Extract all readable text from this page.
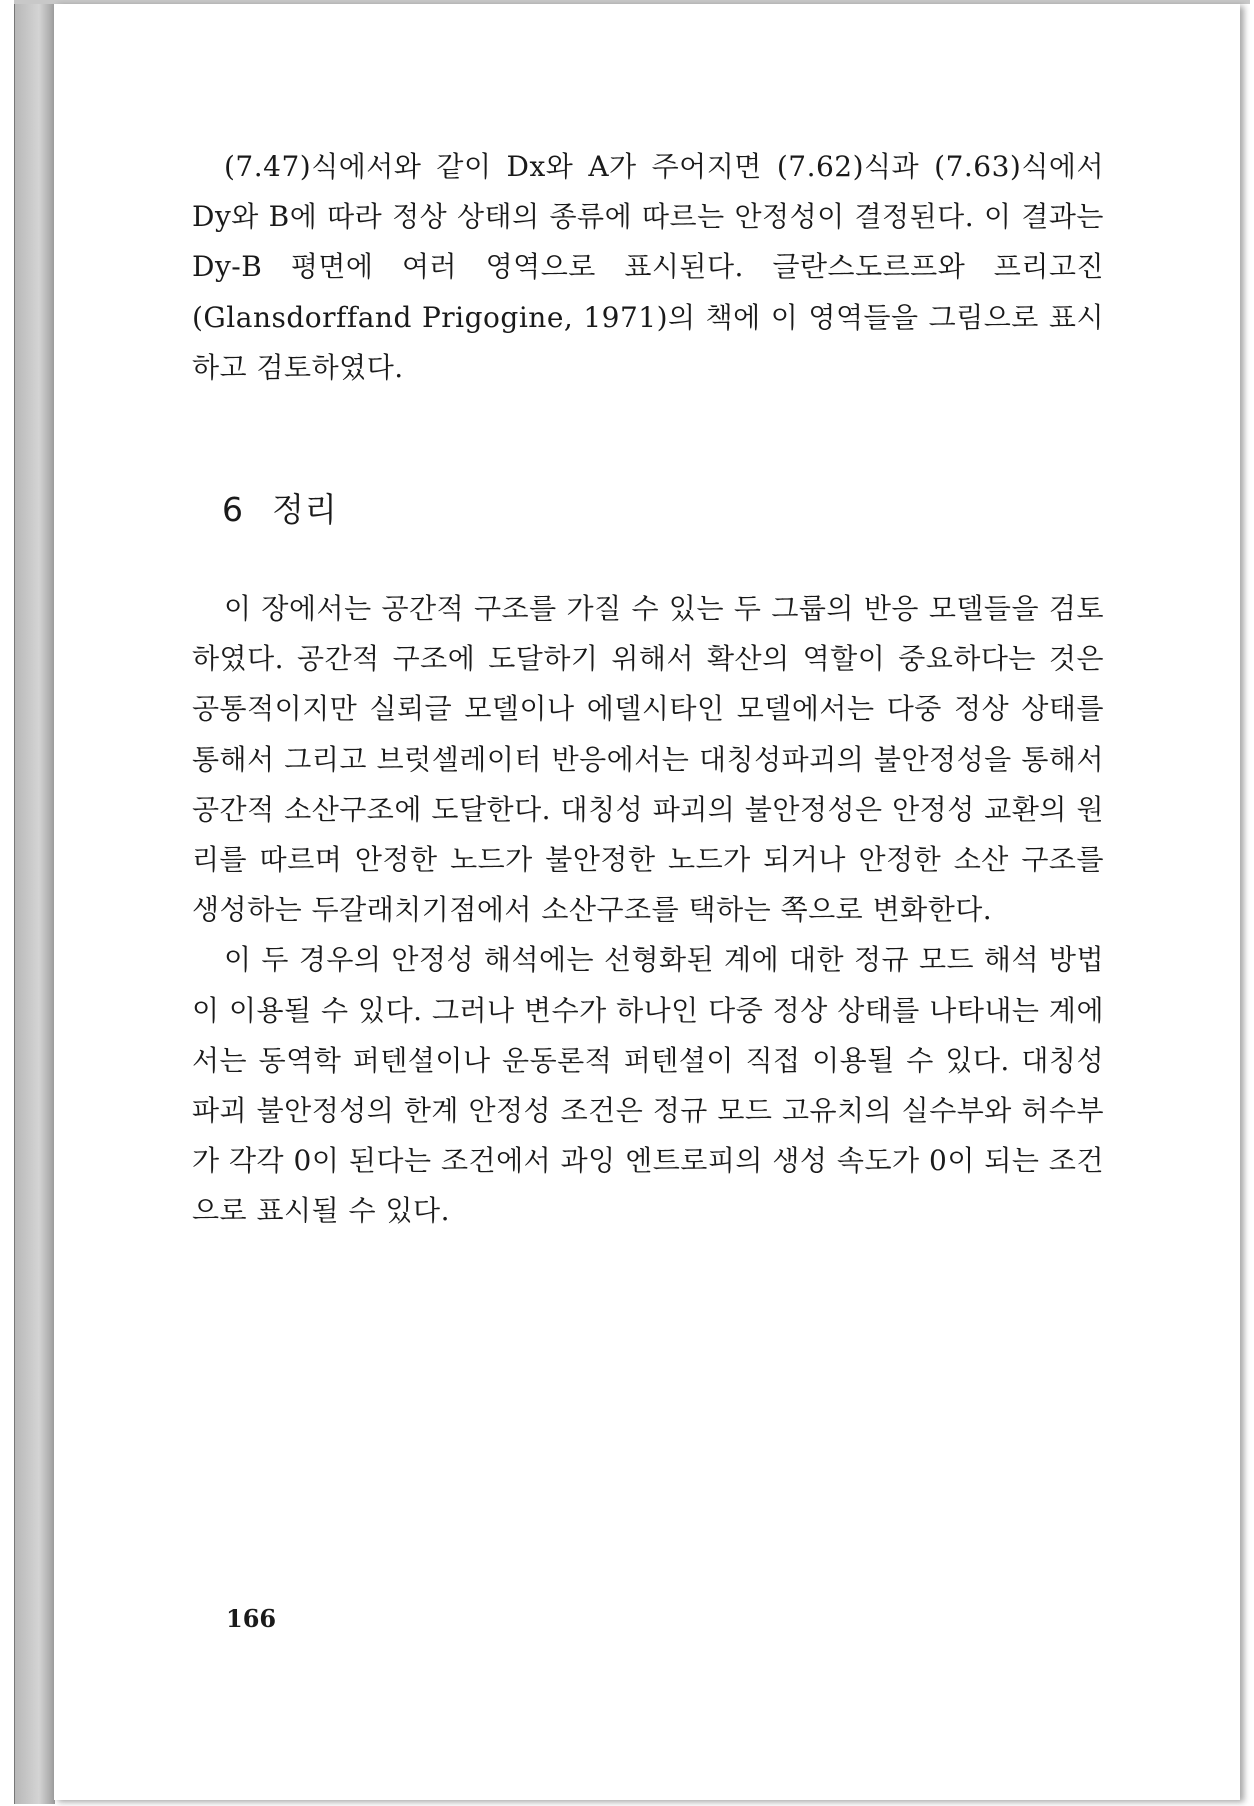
(7.47)식에서와 같이 Dx와 A가 주어지면 (7.62)식과 (7.63)식에서 Dy와 B에 따라 정상 상태의 종류에 따르는 안정성이 결정된다. 이 결과는 Dy-B 평면에 여러 영역으로 표시된다. 글란스도르프와 프리고진(Glansdorffand Prigogine, 1971)의 책에 이 영역들을 그림으로 표시하고 검토하였다.

6 정리

이 장에서는 공간적 구조를 가질 수 있는 두 그룹의 반응 모델들을 검토하였다. 공간적 구조에 도달하기 위해서 확산의 역할이 중요하다는 것은 공통적이지만 실뢰글 모델이나 에델시타인 모델에서는 다중 정상 상태를 통해서 그리고 브럿셀레이터 반응에서는 대칭성파괴의 불안정성을 통해서 공간적 소산구조에 도달한다. 대칭성 파괴의 불안정성은 안정성 교환의 원리를 따르며 안정한 노드가 불안정한 노드가 되거나 안정한 소산 구조를 생성하는 두갈래치기점에서 소산구조를 택하는 쪽으로 변화한다.

이 두 경우의 안정성 해석에는 선형화된 계에 대한 정규 모드 해석 방법이 이용될 수 있다. 그러나 변수가 하나인 다중 정상 상태를 나타내는 계에서는 동역학 퍼텐셜이나 운동론적 퍼텐셜이 직접 이용될 수 있다. 대칭성 파괴 불안정성의 한계 안정성 조건은 정규 모드 고유치의 실수부와 허수부가 각각 0이 된다는 조건에서 과잉 엔트로피의 생성 속도가 0이 되는 조건으로 표시될 수 있다.

166
